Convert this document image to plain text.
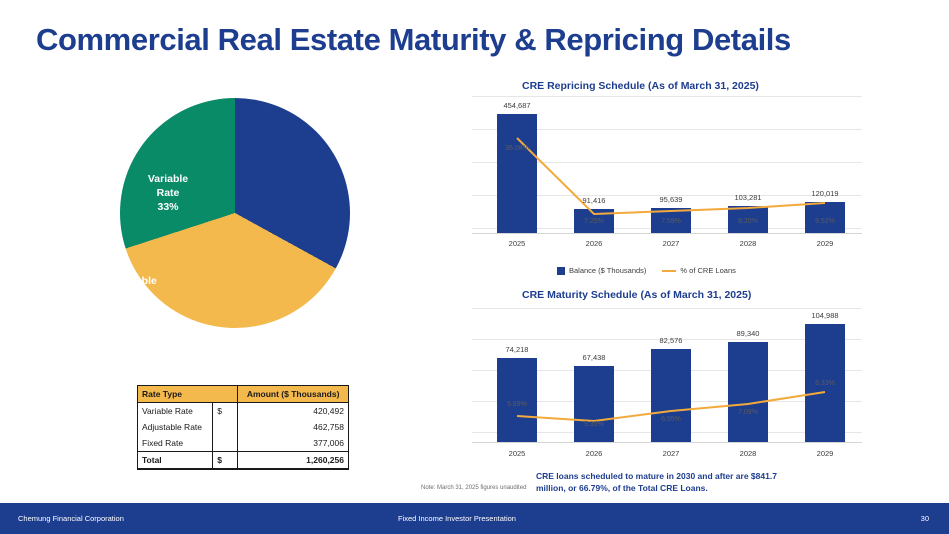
Commercial Real Estate Maturity & Repricing Details
Variable
Rate
33%
Adjustable
Rate
37%
Fixed Rate
30%
Rate Type		Amount ($ Thousands)
Variable Rate	$	420,492
Adjustable Rate		462,758
Fixed Rate		377,006
Total	$	1,260,256
CRE Repricing Schedule (As of March 31, 2025)
454,687
91,416	95,639	103,281	120,019
36.08%
7.25%	7.59%	8.20%	9.52%
2025	2026	2027	2028	2029
Balance ($ Thousands)	% of CRE Loans
CRE Maturity Schedule (As of March 31, 2025)
74,218
67,438
82,576
89,340
104,988
5.89%
5.35%
6.55%
7.09%
8.33%
2025	2026	2027	2028	2029
Note: March 31, 2025 figures unaudited
CRE loans scheduled to mature in 2030 and after are $841.7 million, or 66.79%, of the Total CRE Loans.
Chemung Financial Corporation	Fixed Income Investor Presentation	30
